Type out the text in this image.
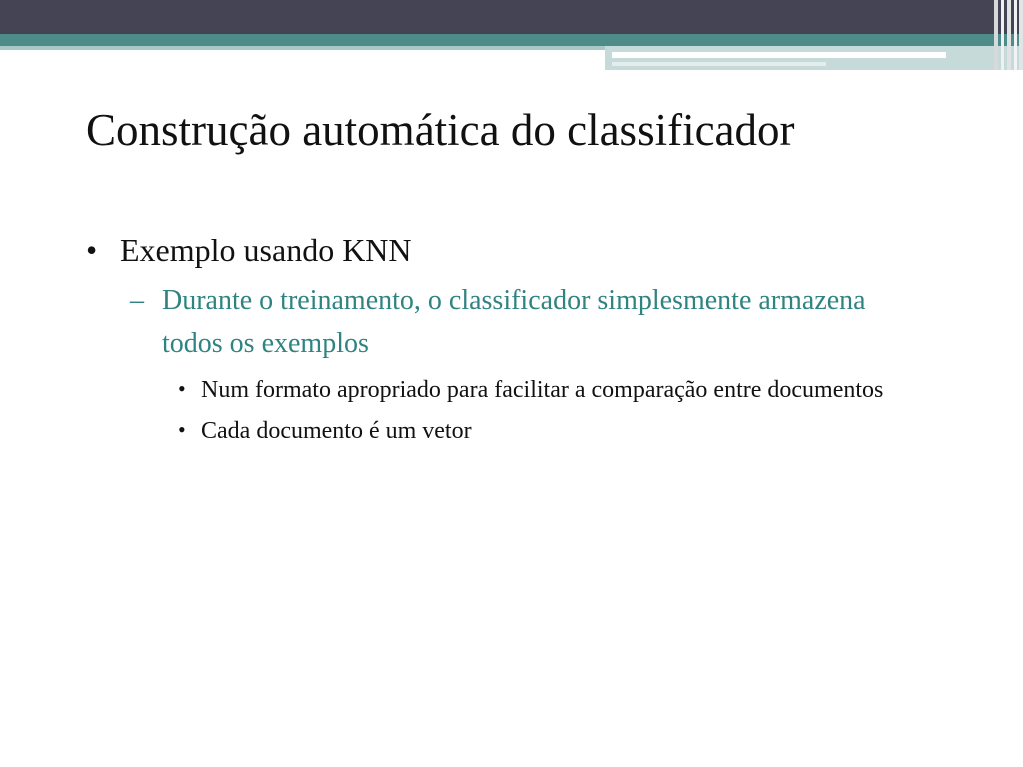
Construção automática do classificador

• Exemplo usando KNN

– Durante o treinamento, o classificador simplesmente armazena todos os exemplos

• Num formato apropriado para facilitar a comparação entre documentos

• Cada documento é um vetor
